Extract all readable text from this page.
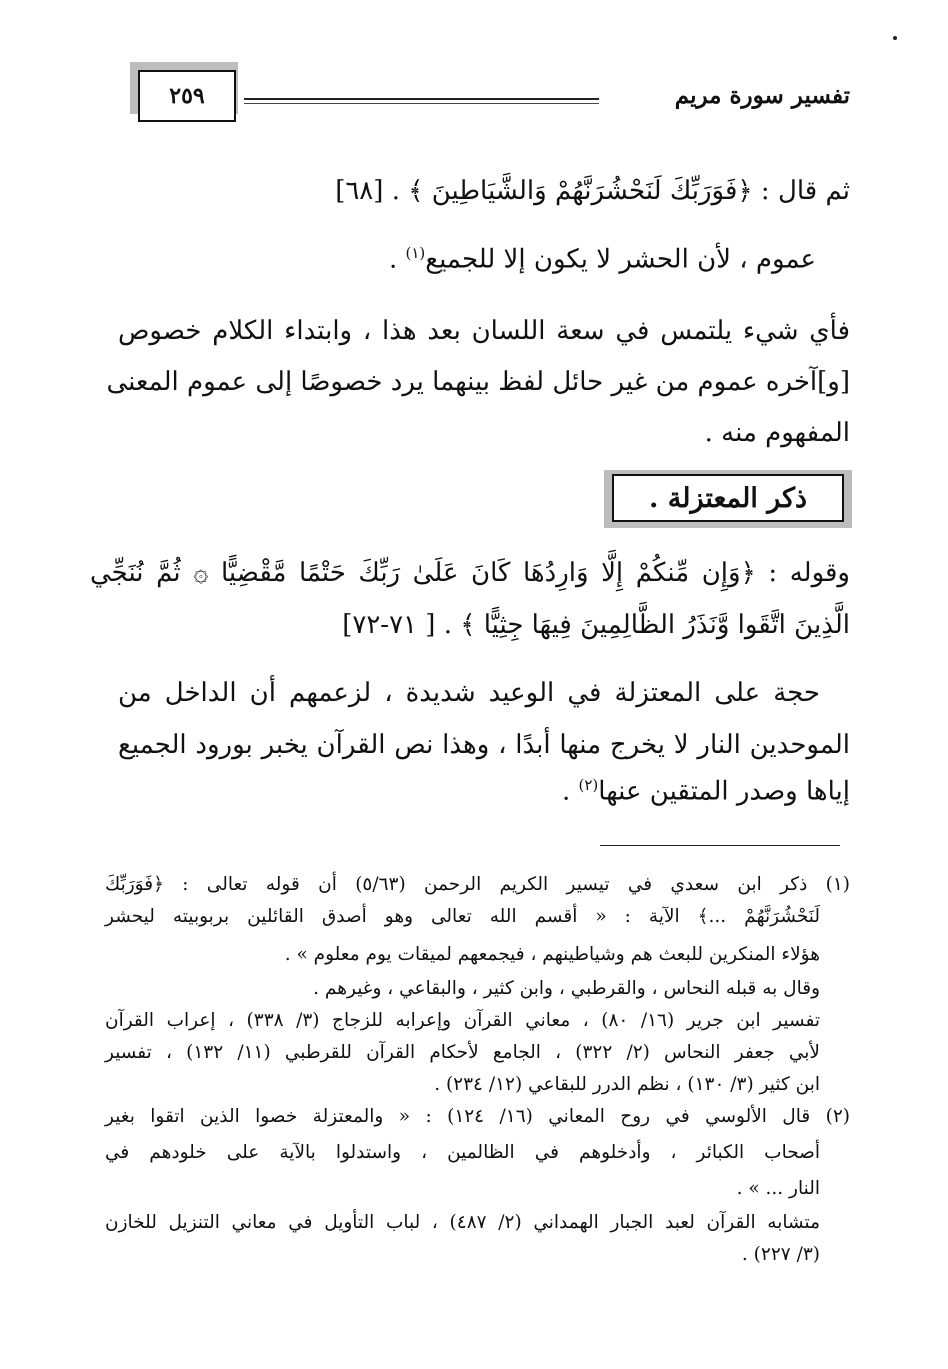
٢٥٩	تفسير سورة مريم
ثم قال : ﴿فَوَرَبِّكَ لَنَحْشُرَنَّهُمْ وَالشَّيَاطِينَ ﴾ . [٦٨]
عموم ، لأن الحشر لا يكون إلا للجميع$^{(١)}$ .
فأي شيء يلتمس في سعة اللسان بعد هذا ، وابتداء الكلام خصوص
[و]آخره عموم من غير حائل لفظ بينهما يرد خصوصًا إلى عموم المعنى
المفهوم منه .
ذكر المعتزلة .
وقوله : ﴿وَإِن مِّنكُمْ إِلَّا وَارِدُهَا كَانَ عَلَىٰ رَبِّكَ حَتْمًا مَّقْضِيًّا ۞ ثُمَّ نُنَجِّي
الَّذِينَ اتَّقَوا وَّنَذَرُ الظَّالِمِينَ فِيهَا جِثِيًّا ﴾ . [ ٧١-٧٢]
حجة على المعتزلة في الوعيد شديدة ، لزعمهم أن الداخل من
الموحدين النار لا يخرج منها أبدًا ، وهذا نص القرآن يخبر بورود الجميع
إياها وصدر المتقين عنها$^{(٢)}$ .
(١) ذكر ابن سعدي في تيسير الكريم الرحمن (٥/٦٣) أن قوله تعالى : ﴿فَوَرَبِّكَ
لَنَحْشُرَنَّهُمْ ...﴾ الآية : « أقسم الله تعالى وهو أصدق القائلين بربوبيته ليحشر
هؤلاء المنكرين للبعث هم وشياطينهم ، فيجمعهم لميقات يوم معلوم » .
وقال به قبله النحاس ، والقرطبي ، وابن كثير ، والبقاعي ، وغيرهم .
تفسير ابن جرير (١٦/ ٨٠) ، معاني القرآن وإعرابه للزجاج (٣/ ٣٣٨) ، إعراب القرآن
لأبي جعفر النحاس (٢/ ٣٢٢) ، الجامع لأحكام القرآن للقرطبي (١١/ ١٣٢) ، تفسير
ابن كثير (٣/ ١٣٠) ، نظم الدرر للبقاعي (١٢/ ٢٣٤) .
(٢) قال الألوسي في روح المعاني (١٦/ ١٢٤) : « والمعتزلة خصوا الذين اتقوا بغير
أصحاب الكبائر ، وأدخلوهم في الظالمين ، واستدلوا بالآية على خلودهم في
النار ... » .
متشابه القرآن لعبد الجبار الهمداني (٢/ ٤٨٧) ، لباب التأويل في معاني التنزيل للخازن
(٣/ ٢٢٧) .
